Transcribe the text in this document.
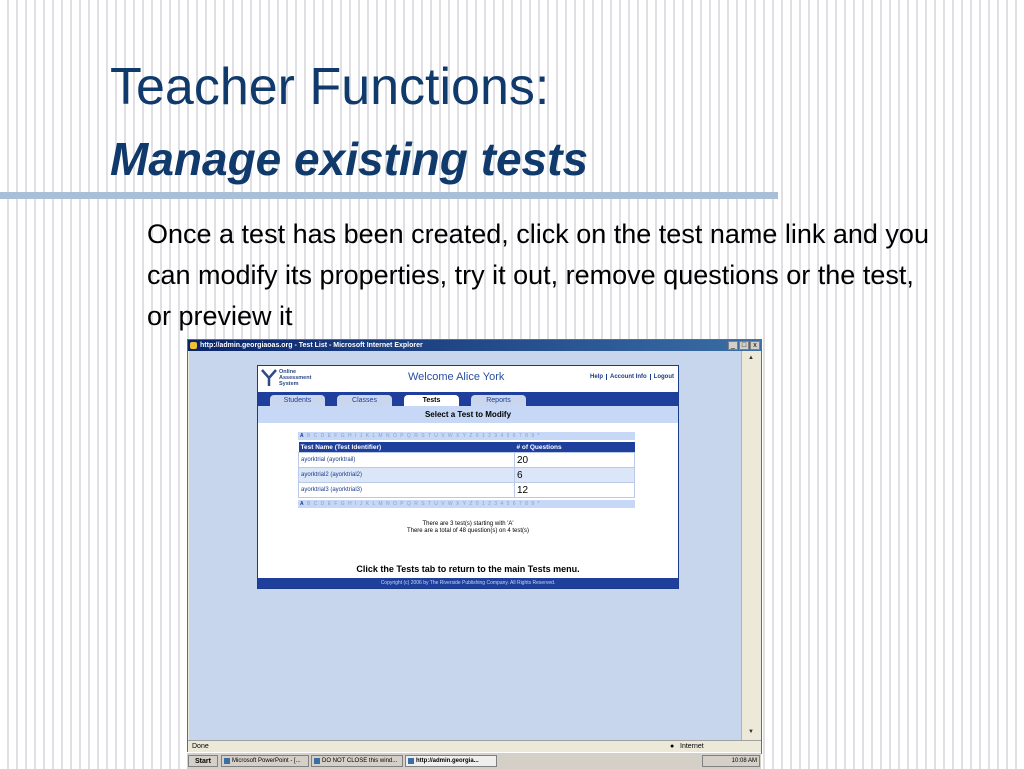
Teacher Functions:
Manage existing tests

Once a test has been created, click on the test name link and you can modify its properties, try it out, remove questions or the test, or preview it

http://admin.georgiaoas.org - Test List - Microsoft Internet Explorer	_ □	x
Online
Assessment
System
Welcome Alice York	Help Account Info Logout
Students	Classes	Tests	Reports
Select a Test to Modify
A B C D E F G H I J K L M N O P Q R S T U V W X Y Z 0 1 2 3 4 5 6 7 8 9 *
Test Name (Test Identifier)	# of Questions
ayorktrial (ayorktrail)	20
ayorktrial2 (ayorktrial2)	6
ayorktrial3 (ayorktrial3)	12
A B C D E F G H I J K L M N O P Q R S T U V W X Y Z 0 1 2 3 4 5 6 7 8 9 *
There are 3 test(s) starting with 'A'
There are a total of 48 question(s) on 4 test(s)
Click the Tests tab to return to the main Tests menu.
Copyright (c) 2006 by The Riverside Publishing Company. All Rights Reserved.
▲
▼
Done	● Internet
Start	Microsoft PowerPoint - [...	DO NOT CLOSE this wind...	http://admin.georgia...	10:08 AM
